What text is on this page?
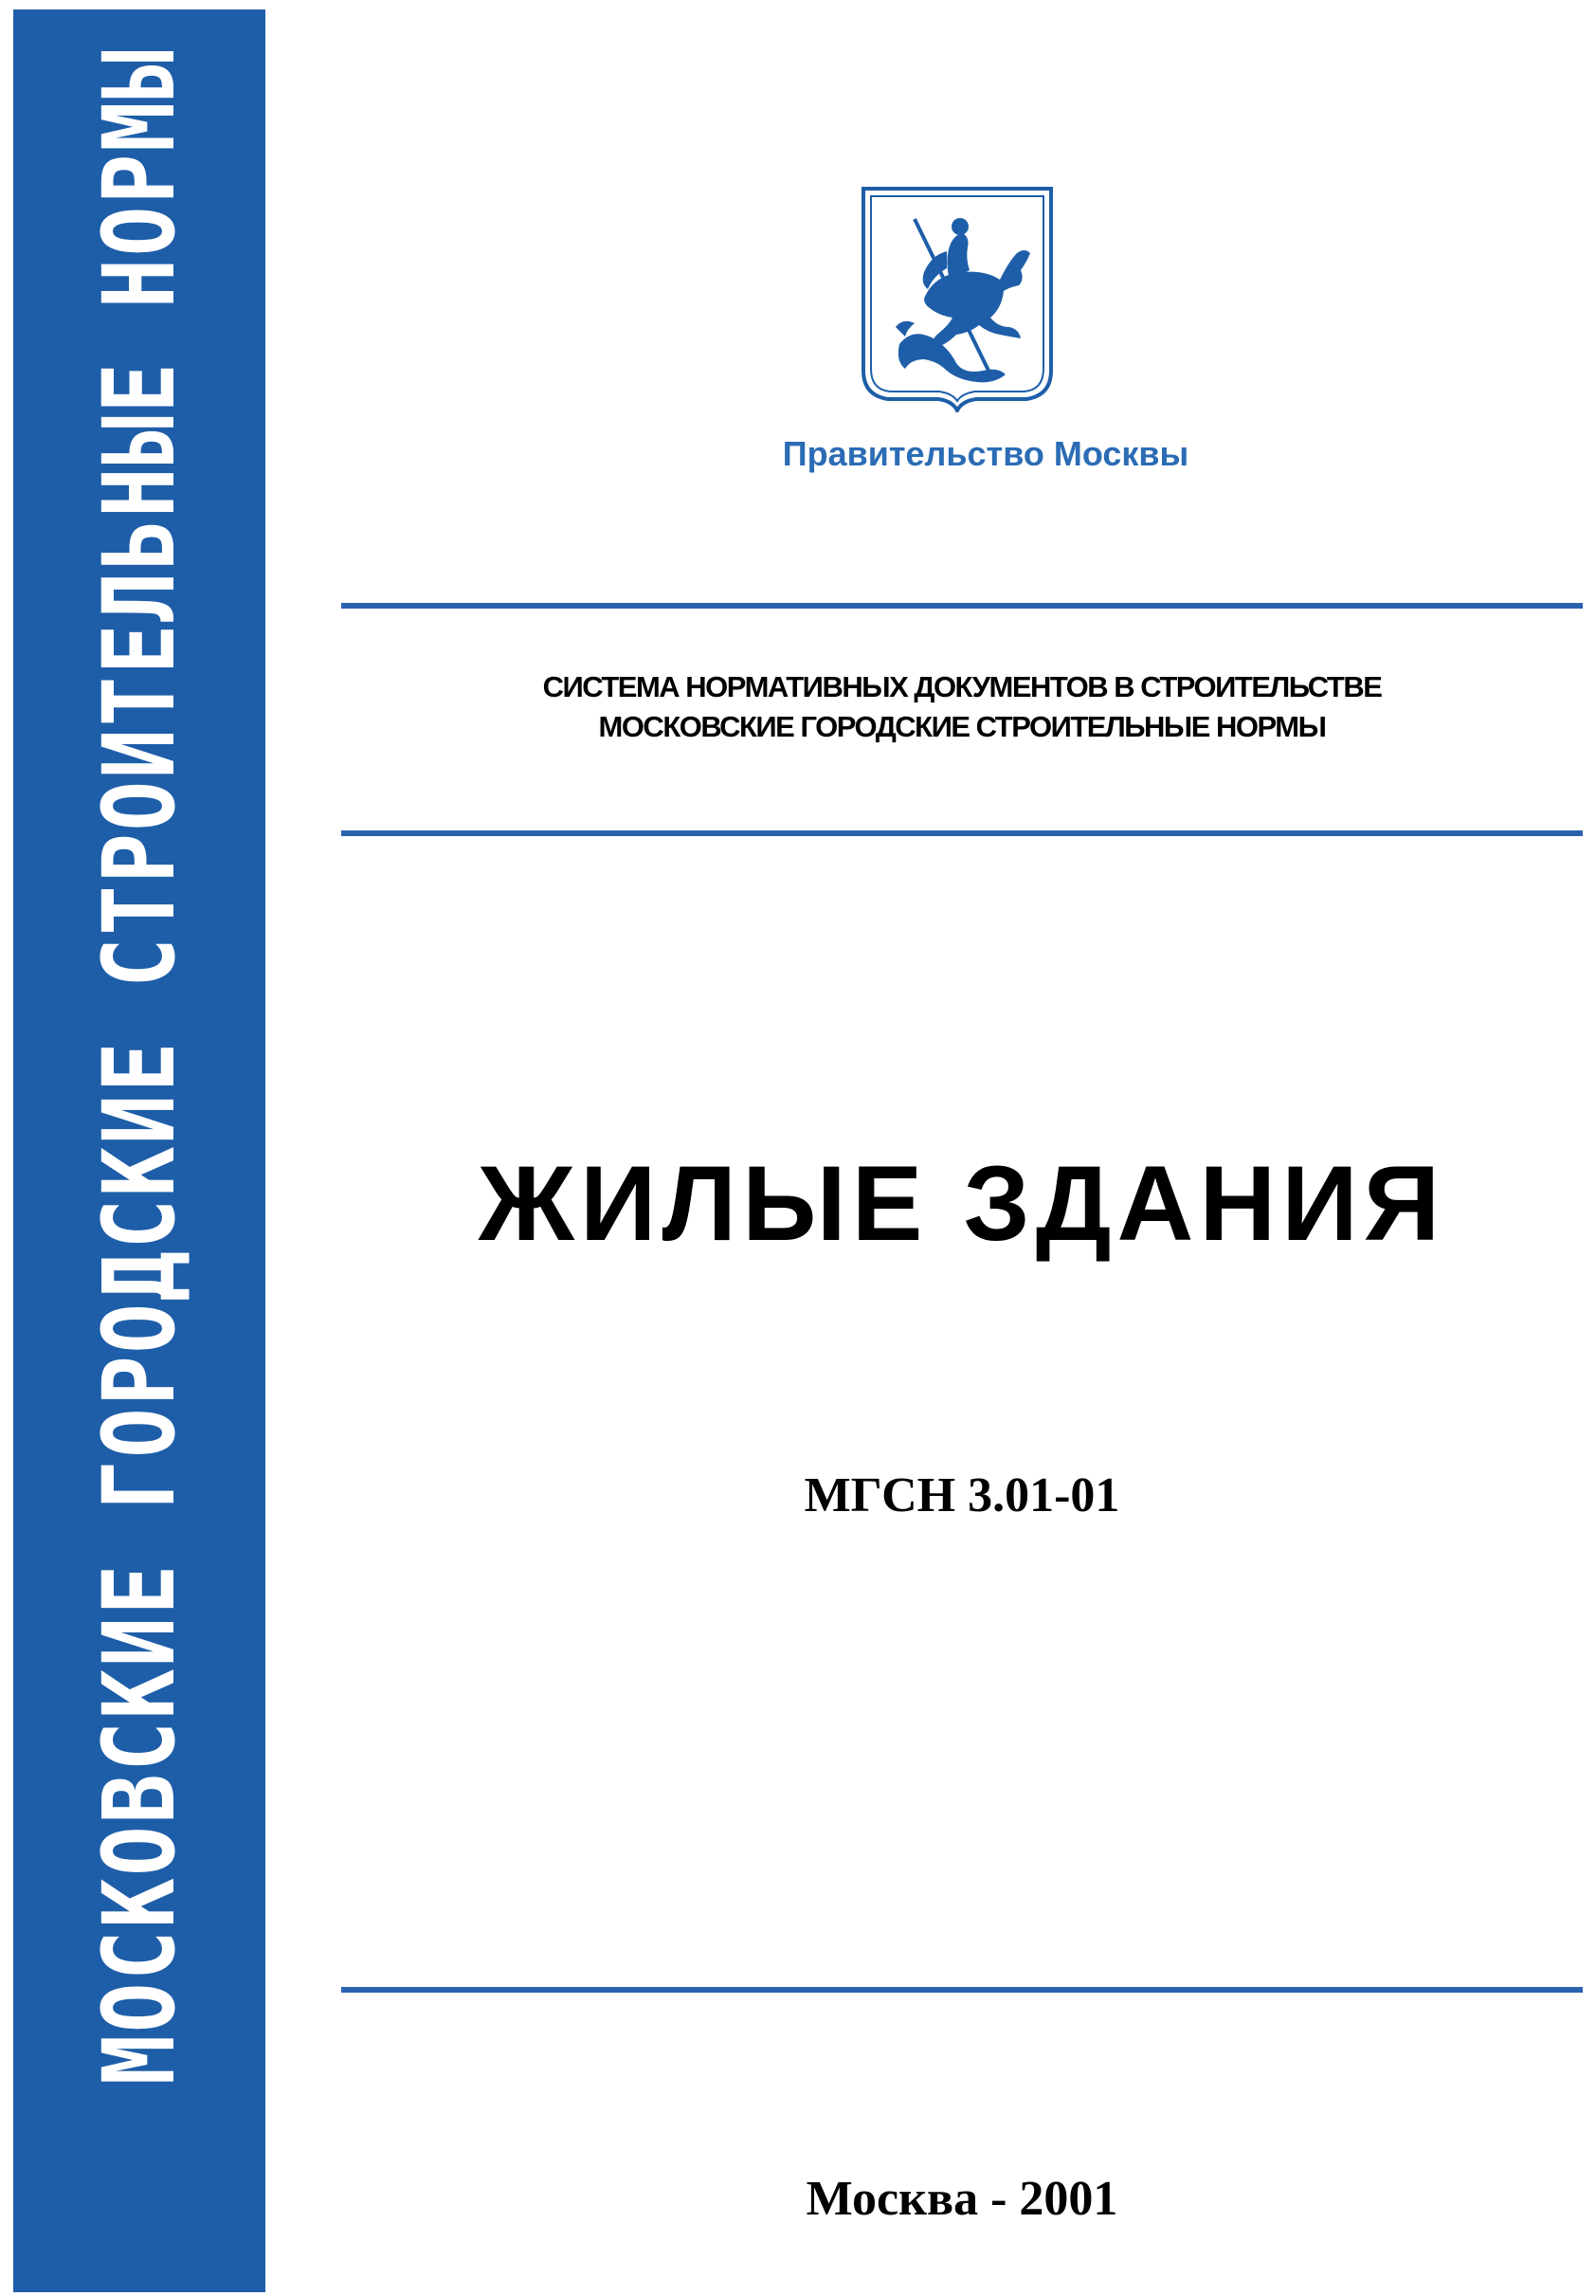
МОСКОВСКИЕ ГОРОДСКИЕ СТРОИТЕЛЬНЫЕ НОРМЫ	Правительство Москвы
СИСТЕМА НОРМАТИВНЫХ ДОКУМЕНТОВ В СТРОИТЕЛЬСТВЕ
МОСКОВСКИЕ ГОРОДСКИЕ СТРОИТЕЛЬНЫЕ НОРМЫ
ЖИЛЫЕ ЗДАНИЯ
МГСН 3.01-01
Москва - 2001
